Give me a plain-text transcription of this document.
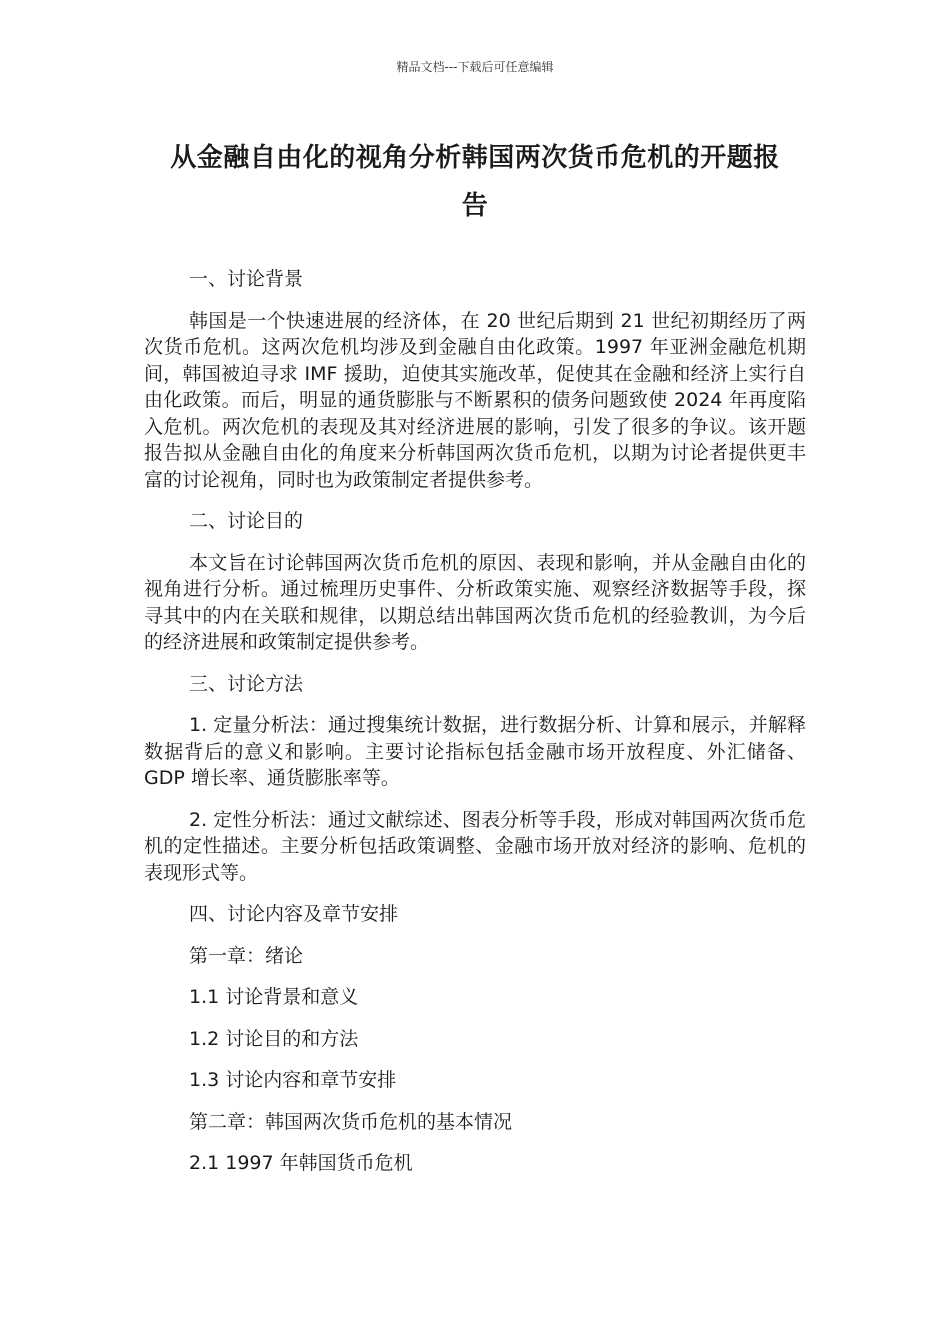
精品文档---下载后可任意编辑
从金融自由化的视角分析韩国两次货币危机的开题报
告

一、讨论背景

韩国是一个快速进展的经济体，在 20 世纪后期到 21 世纪初期经历了两次货币危机。这两次危机均涉及到金融自由化政策。1997 年亚洲金融危机期间，韩国被迫寻求 IMF 援助，迫使其实施改革，促使其在金融和经济上实行自由化政策。而后，明显的通货膨胀与不断累积的债务问题致使 2024 年再度陷入危机。两次危机的表现及其对经济进展的影响，引发了很多的争议。该开题报告拟从金融自由化的角度来分析韩国两次货币危机，以期为讨论者提供更丰富的讨论视角，同时也为政策制定者提供参考。

二、讨论目的

本文旨在讨论韩国两次货币危机的原因、表现和影响，并从金融自由化的视角进行分析。通过梳理历史事件、分析政策实施、观察经济数据等手段，探寻其中的内在关联和规律，以期总结出韩国两次货币危机的经验教训，为今后的经济进展和政策制定提供参考。

三、讨论方法

1. 定量分析法：通过搜集统计数据，进行数据分析、计算和展示，并解释数据背后的意义和影响。主要讨论指标包括金融市场开放程度、外汇储备、GDP 增长率、通货膨胀率等。

2. 定性分析法：通过文献综述、图表分析等手段，形成对韩国两次货币危机的定性描述。主要分析包括政策调整、金融市场开放对经济的影响、危机的表现形式等。

四、讨论内容及章节安排

第一章：绪论

1.1 讨论背景和意义

1.2 讨论目的和方法

1.3 讨论内容和章节安排

第二章：韩国两次货币危机的基本情况

2.1 1997 年韩国货币危机
